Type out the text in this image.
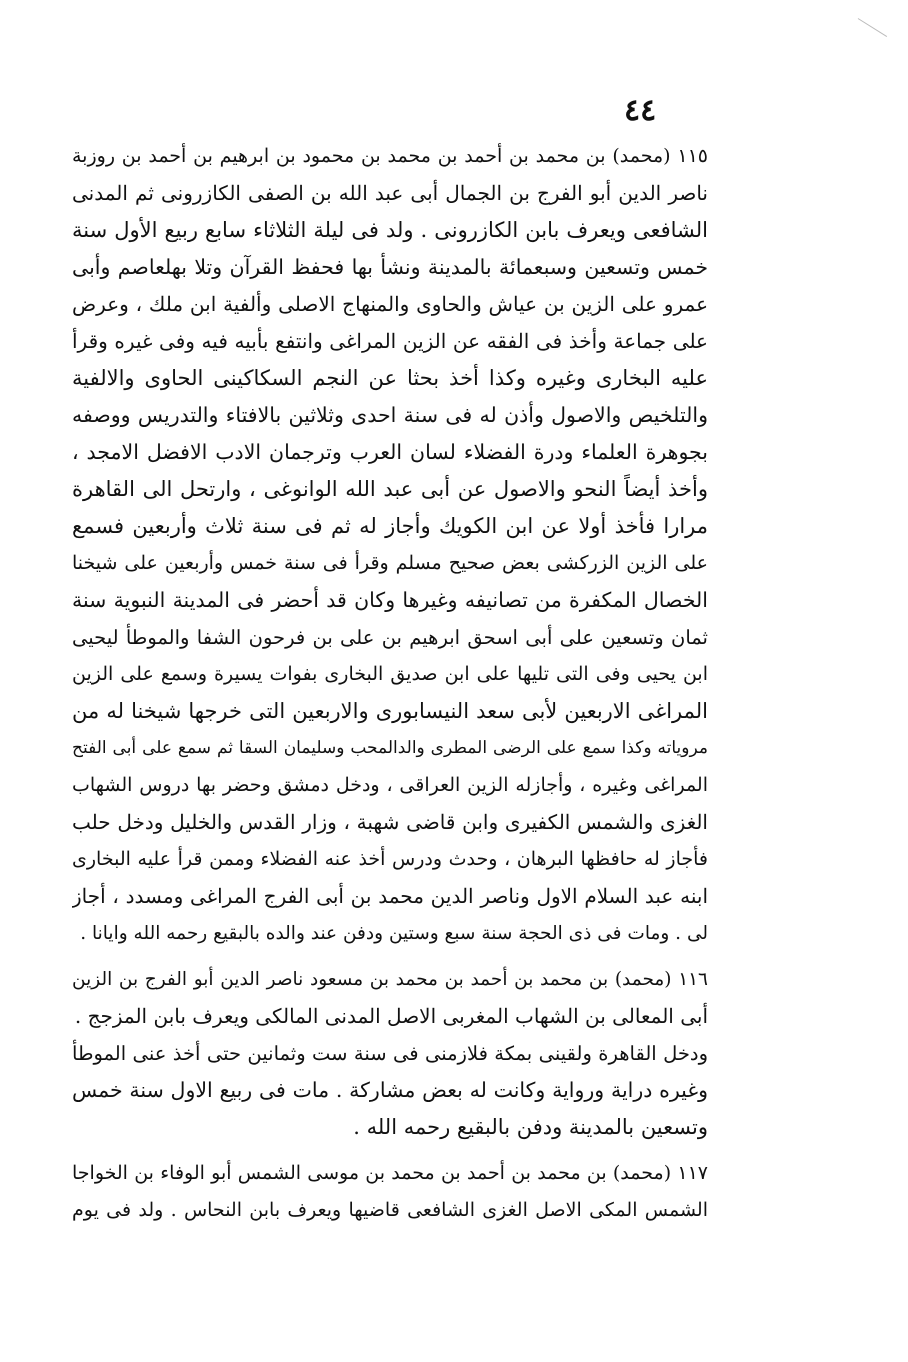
٤٤
١١٥ (محمد) بن محمد بن أحمد بن محمد بن محمود بن ابرهيم بن أحمد بن روزبة
ناصر الدين أبو الفرج بن الجمال أبى عبد الله بن الصفى الكازرونى ثم المدنى
الشافعى ويعرف بابن الكازرونى . ولد فى ليلة الثلاثاء سابع ربيع الأول سنة
خمس وتسعين وسبعمائة بالمدينة ونشأ بها فحفظ القرآن وتلا بهلعاصم وأبى
عمرو على الزين بن عياش والحاوى والمنهاج الاصلى وألفية ابن ملك ، وعرض
على جماعة وأخذ فى الفقه عن الزين المراغى وانتفع بأبيه فيه وفى غيره وقرأ
عليه البخارى وغيره وكذا أخذ بحثا عن النجم السكاكينى الحاوى والالفية
والتلخيص والاصول وأذن له فى سنة احدى وثلاثين بالافتاء والتدريس ووصفه
بجوهرة العلماء ودرة الفضلاء لسان العرب وترجمان الادب الافضل الامجد ،
وأخذ أيضاً النحو والاصول عن أبى عبد الله الوانوغى ، وارتحل الى القاهرة
مرارا فأخذ أولا عن ابن الكويك وأجاز له ثم فى سنة ثلاث وأربعين فسمع
على الزين الزركشى بعض صحيح مسلم وقرأ فى سنة خمس وأربعين على شيخنا
الخصال المكفرة من تصانيفه وغيرها وكان قد أحضر فى المدينة النبوية سنة
ثمان وتسعين على أبى اسحق ابرهيم بن على بن فرحون الشفا والموطأ ليحيى
ابن يحيى وفى التى تليها على ابن صديق البخارى بفوات يسيرة وسمع على الزين
المراغى الاربعين لأبى سعد النيسابورى والاربعين التى خرجها شيخنا له من
مروياته وكذا سمع على الرضى المطرى والدالمحب وسليمان السقا ثم سمع على أبى الفتح
المراغى وغيره ، وأجازله الزين العراقى ، ودخل دمشق وحضر بها دروس الشهاب
الغزى والشمس الكفيرى وابن قاضى شهبة ، وزار القدس والخليل ودخل حلب
فأجاز له حافظها البرهان ، وحدث ودرس أخذ عنه الفضلاء وممن قرأ عليه البخارى
ابنه عبد السلام الاول وناصر الدين محمد بن أبى الفرج المراغى ومسدد ، أجاز
لى . ومات فى ذى الحجة سنة سبع وستين ودفن عند والده بالبقيع رحمه الله وايانا .
١١٦ (محمد) بن محمد بن أحمد بن محمد بن مسعود ناصر الدين أبو الفرج بن الزين
أبى المعالى بن الشهاب المغربى الاصل المدنى المالكى ويعرف بابن المزجج .
ودخل القاهرة ولقينى بمكة فلازمنى فى سنة ست وثمانين حتى أخذ عنى الموطأ
وغيره دراية ورواية وكانت له بعض مشاركة . مات فى ربيع الاول سنة خمس
وتسعين بالمدينة ودفن بالبقيع رحمه الله .
١١٧ (محمد) بن محمد بن أحمد بن محمد بن موسى الشمس أبو الوفاء بن الخواجا
الشمس المكى الاصل الغزى الشافعى قاضيها ويعرف بابن النحاس . ولد فى يوم
